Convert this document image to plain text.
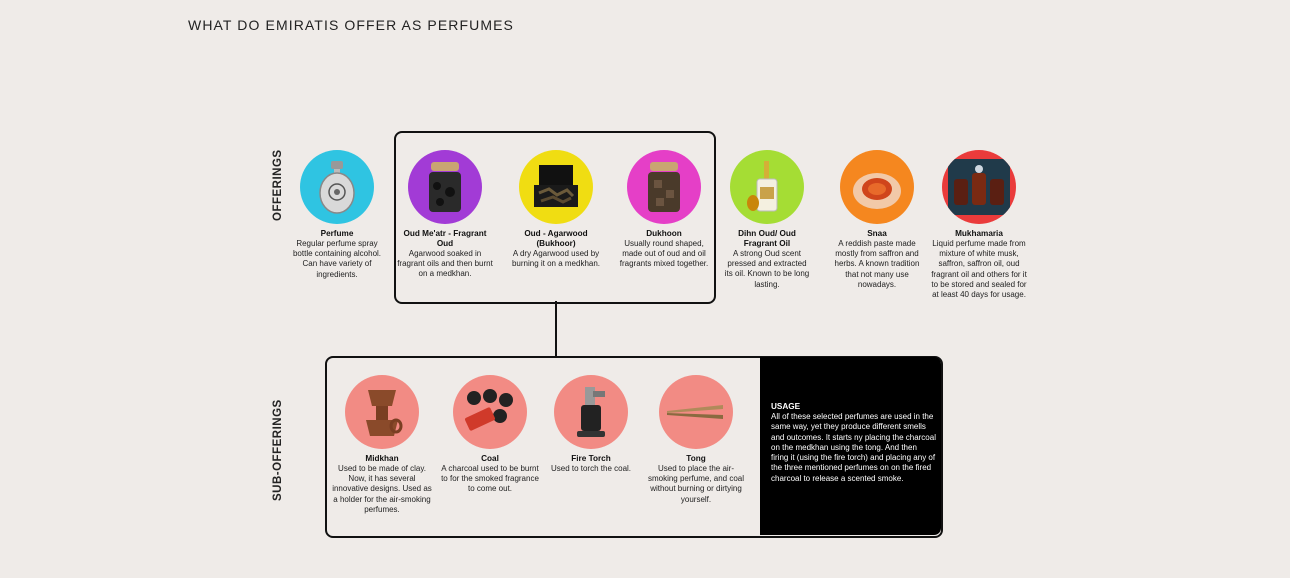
WHAT DO EMIRATIS OFFER AS PERFUMES
OFFERINGS
SUB-OFFERINGS
Perfume
Regular perfume spray bottle containing alcohol. Can have variety of ingredients.
Oud Me'atr - Fragrant Oud
Agarwood soaked in fragrant oils and then burnt on a medkhan.
Oud - Agarwood (Bukhoor)
A dry Agarwood used by burning it on a medkhan.
Dukhoon
Usually round shaped, made out of oud and oil fragrants mixed together.
Dihn Oud/ Oud Fragrant Oil
A strong Oud scent pressed and extracted its oil. Known to be long lasting.
Snaa
A reddish paste made mostly from saffron and herbs. A known tradition that not many use nowadays.
Mukhamaria
Liquid perfume made from mixture of white musk, saffron, saffron oil, oud fragrant oil and others for it to be stored and sealed for at least 40 days for usage.
Midkhan
Used to be made of clay. Now, it has several innovative designs. Used as a holder for the air-smoking perfumes.
Coal
A charcoal used to be burnt to for the smoked fragrance to come out.
Fire Torch
Used to torch the coal.
Tong
Used to place the air-smoking perfume, and coal without burning or dirtying yourself.
USAGE
All of these selected perfumes are used in the same way, yet they produce different smells and outcomes. It starts ny placing the charcoal on the medkhan using the tong. And then firing it (using the fire torch) and placing any of the three mentioned perfumes on on the fired charcoal to release a scented smoke.
